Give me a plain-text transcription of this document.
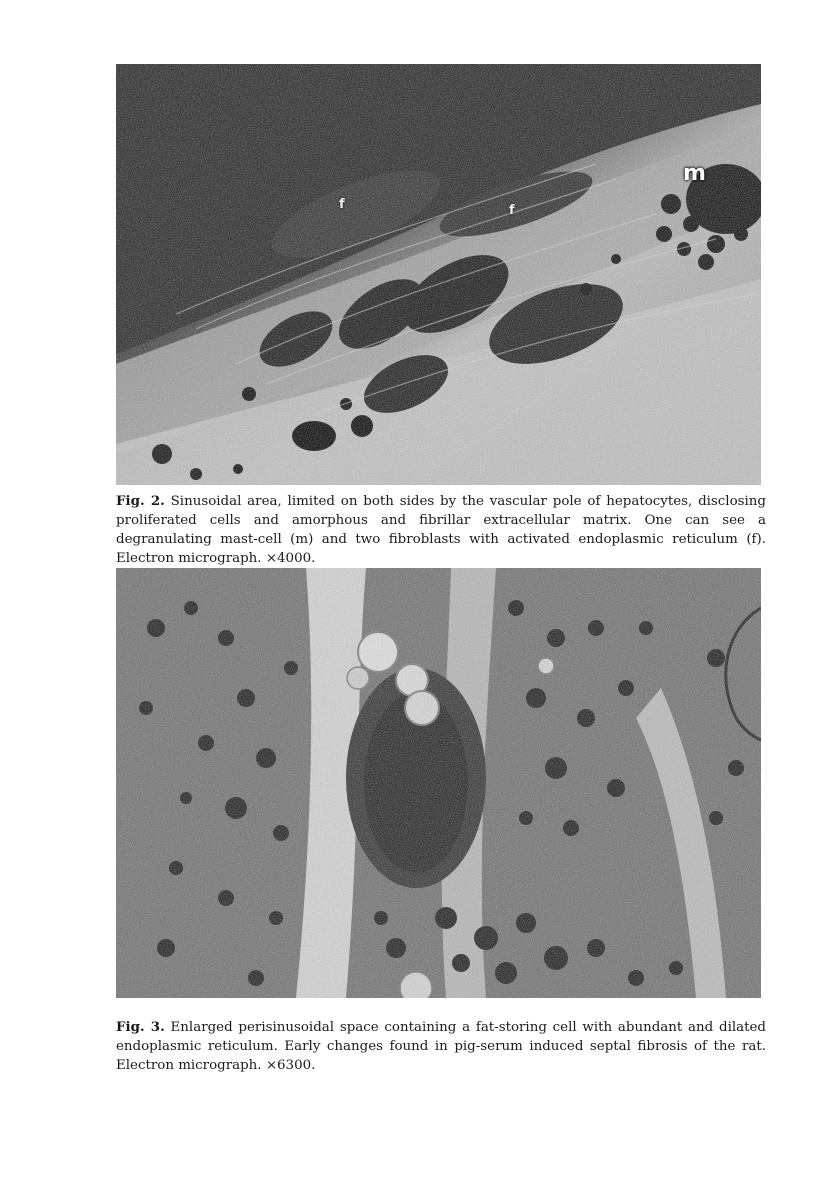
m
f	f

Fig. 2. Sinusoidal area, limited on both sides by the vascular pole of hepatocytes, disclosing proliferated cells and amorphous and fibrillar extracellular matrix. One can see a degranulating mast-cell (m) and two fibroblasts with activated endoplasmic reticulum (f). Electron micrograph. ×4000.

Fig. 3. Enlarged perisinusoidal space containing a fat-storing cell with abundant and dilated endoplasmic reticulum. Early changes found in pig-serum induced septal fibrosis of the rat. Electron micrograph. ×6300.
